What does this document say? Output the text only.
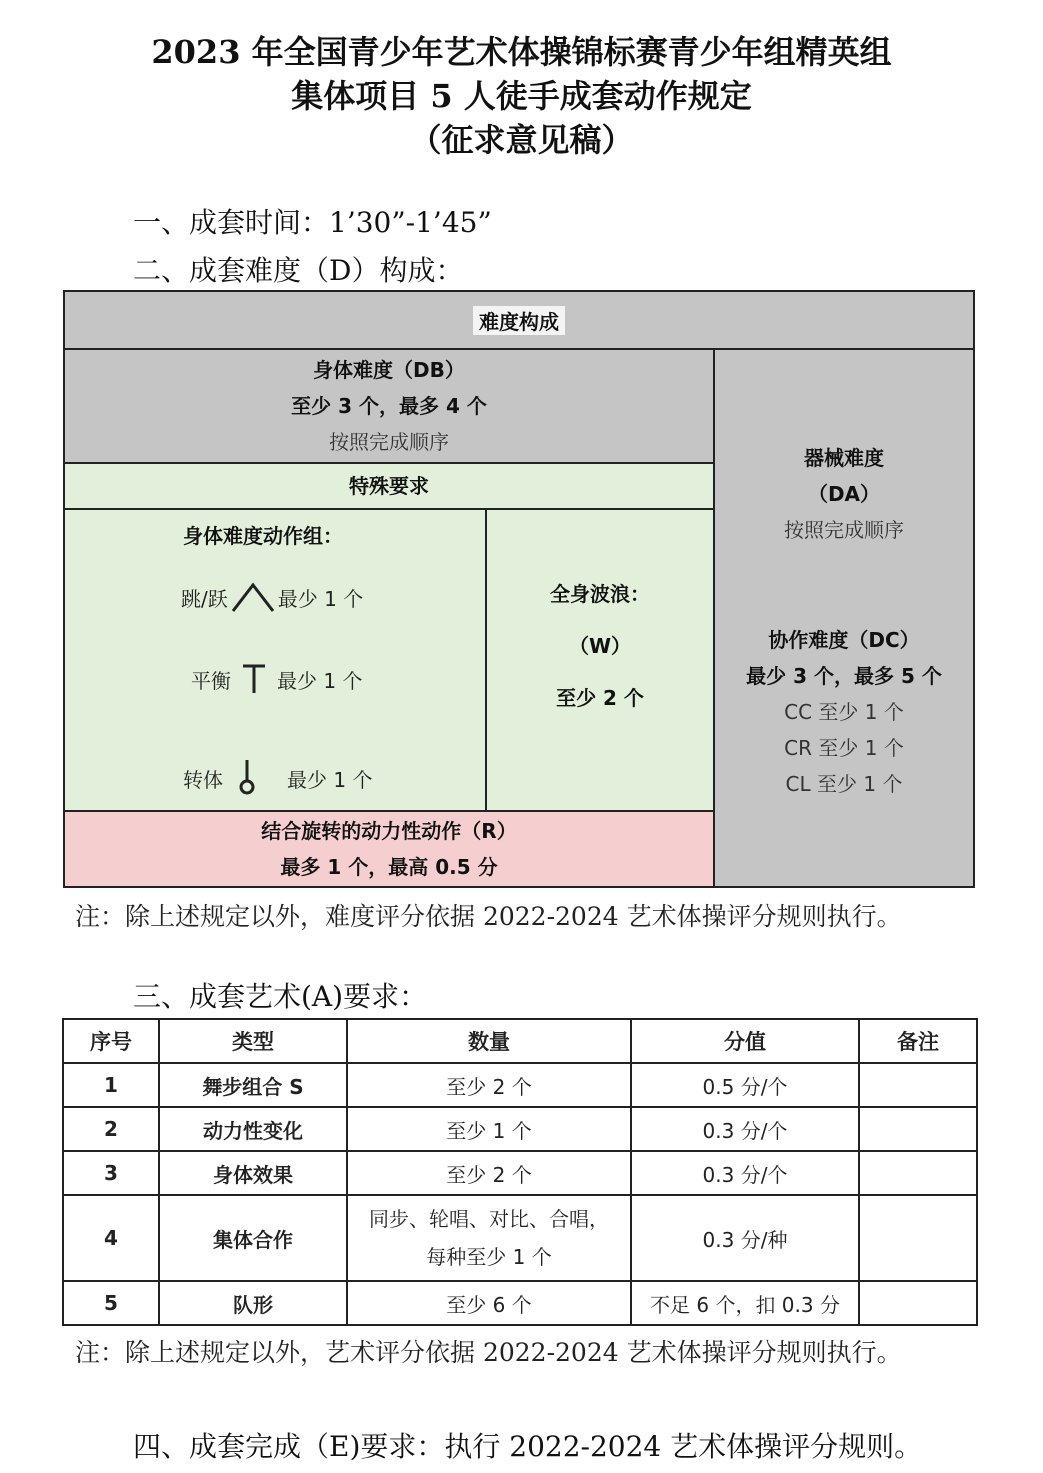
2023 年全国青少年艺术体操锦标赛青少年组精英组
集体项目 5 人徒手成套动作规定
（征求意见稿）
一、成套时间：1’30”-1’45”
二、成套难度（D）构成：
难度构成
身体难度（DB）
至少 3 个，最多 4 个
按照完成顺序
特殊要求
身体难度动作组：
跳/跃	最少 1 个
平衡 最少 1 个
转体	最少 1 个
全身波浪：
（W）
至少 2 个
结合旋转的动力性动作（R）
最多 1 个，最高 0.5 分
器械难度
（DA）
按照完成顺序
协作难度（DC）
最少 3 个，最多 5 个
CC 至少 1 个
CR 至少 1 个
CL 至少 1 个
注：除上述规定以外，难度评分依据 2022-2024 艺术体操评分规则执行。
三、成套艺术(A)要求：
序号	类型	数量	分值	备注
1	舞步组合 S	至少 2 个	0.5 分/个	
2	动力性变化	至少 1 个	0.3 分/个	
3	身体效果	至少 2 个	0.3 分/个	
4	集体合作	同步、轮唱、对比、合唱，
每种至少 1 个	0.3 分/种	
5	队形	至少 6 个	不足 6 个，扣 0.3 分	
注：除上述规定以外，艺术评分依据 2022-2024 艺术体操评分规则执行。
四、成套完成（E)要求：执行 2022-2024 艺术体操评分规则。
